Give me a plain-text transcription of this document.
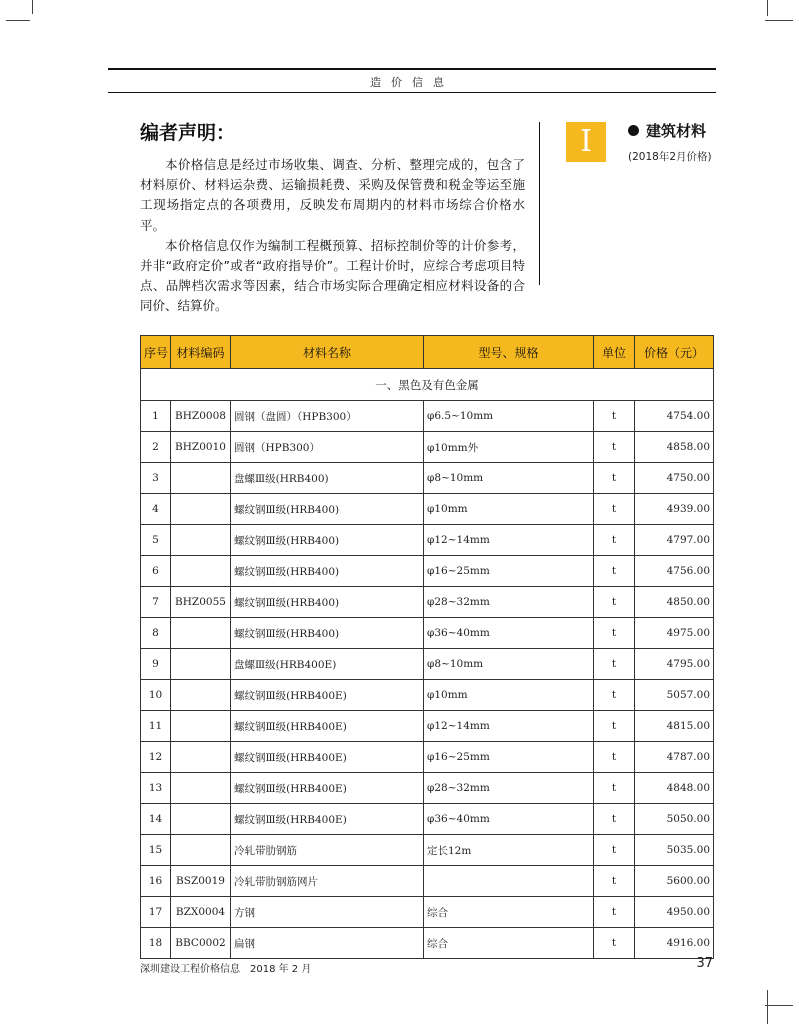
造价信息
编者声明：

本价格信息是经过市场收集、调查、分析、整理完成的，包含了材料原价、材料运杂费、运输损耗费、采购及保管费和税金等运至施工现场指定点的各项费用，反映发布周期内的材料市场综合价格水平。

本价格信息仅作为编制工程概预算、招标控制价等的计价参考，并非“政府定价”或者“政府指导价”。工程计价时，应综合考虑项目特点、品牌档次需求等因素，结合市场实际合理确定相应材料设备的合同价、结算价。

I	建筑材料
(2018年2月价格)
序号	材料编码	材料名称	型号、规格	单位	价格（元）
一、黑色及有色金属					
1	BHZ0008	圆钢（盘圆）（HPB300）	φ6.5~10mm	t	4754.00
2	BHZ0010	圆钢（HPB300）	φ10mm外	t	4858.00
3		盘螺Ⅲ级(HRB400)	φ8~10mm	t	4750.00
4		螺纹钢Ⅲ级(HRB400)	φ10mm	t	4939.00
5		螺纹钢Ⅲ级(HRB400)	φ12~14mm	t	4797.00
6		螺纹钢Ⅲ级(HRB400)	φ16~25mm	t	4756.00
7	BHZ0055	螺纹钢Ⅲ级(HRB400)	φ28~32mm	t	4850.00
8		螺纹钢Ⅲ级(HRB400)	φ36~40mm	t	4975.00
9		盘螺Ⅲ级(HRB400E)	φ8~10mm	t	4795.00
10		螺纹钢Ⅲ级(HRB400E)	φ10mm	t	5057.00
11		螺纹钢Ⅲ级(HRB400E)	φ12~14mm	t	4815.00
12		螺纹钢Ⅲ级(HRB400E)	φ16~25mm	t	4787.00
13		螺纹钢Ⅲ级(HRB400E)	φ28~32mm	t	4848.00
14		螺纹钢Ⅲ级(HRB400E)	φ36~40mm	t	5050.00
15		冷轧带肋钢筋	定长12m	t	5035.00
16	BSZ0019	冷轧带肋钢筋网片		t	5600.00
17	BZX0004	方钢	综合	t	4950.00
18	BBC0002	扁钢	综合	t	4916.00
深圳建设工程价格信息 2018 年 2 月	37
